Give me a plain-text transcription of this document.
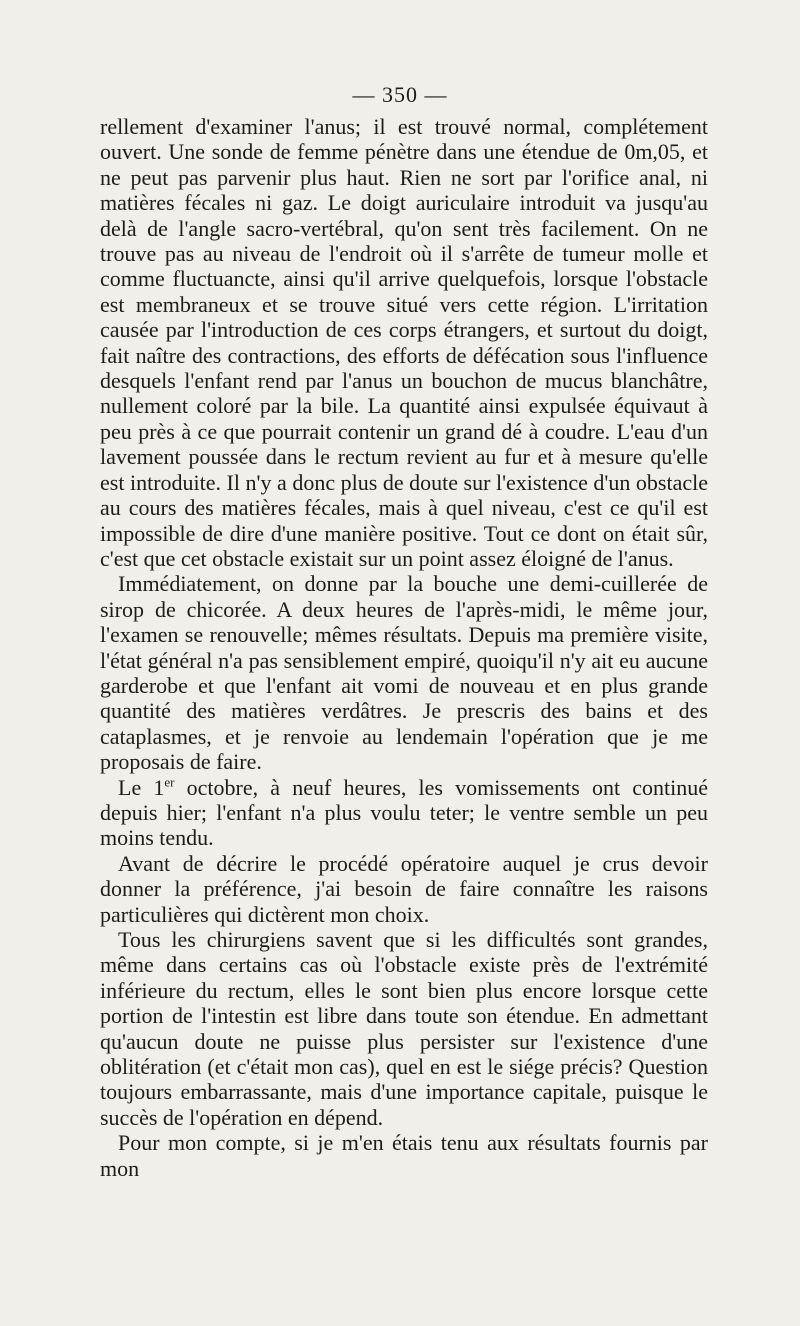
— 350 —

rellement d'examiner l'anus; il est trouvé normal, complétement ouvert. Une sonde de femme pénètre dans une étendue de 0m,05, et ne peut pas parvenir plus haut. Rien ne sort par l'orifice anal, ni matières fécales ni gaz. Le doigt auriculaire introduit va jusqu'au delà de l'angle sacro-vertébral, qu'on sent très facilement. On ne trouve pas au niveau de l'endroit où il s'arrête de tumeur molle et comme fluctuancte, ainsi qu'il arrive quelquefois, lorsque l'obstacle est membraneux et se trouve situé vers cette région. L'irritation causée par l'introduction de ces corps étrangers, et surtout du doigt, fait naître des contractions, des efforts de défécation sous l'influence desquels l'enfant rend par l'anus un bouchon de mucus blanchâtre, nullement coloré par la bile. La quantité ainsi expulsée équivaut à peu près à ce que pourrait contenir un grand dé à coudre. L'eau d'un lavement poussée dans le rectum revient au fur et à mesure qu'elle est introduite. Il n'y a donc plus de doute sur l'existence d'un obstacle au cours des matières fécales, mais à quel niveau, c'est ce qu'il est impossible de dire d'une manière positive. Tout ce dont on était sûr, c'est que cet obstacle existait sur un point assez éloigné de l'anus.

Immédiatement, on donne par la bouche une demi-cuillerée de sirop de chicorée. A deux heures de l'après-midi, le même jour, l'examen se renouvelle; mêmes résultats. Depuis ma première visite, l'état général n'a pas sensiblement empiré, quoiqu'il n'y ait eu aucune garderobe et que l'enfant ait vomi de nouveau et en plus grande quantité des matières verdâtres. Je prescris des bains et des cataplasmes, et je renvoie au lendemain l'opération que je me proposais de faire.

Le 1er octobre, à neuf heures, les vomissements ont continué depuis hier; l'enfant n'a plus voulu teter; le ventre semble un peu moins tendu.

Avant de décrire le procédé opératoire auquel je crus devoir donner la préférence, j'ai besoin de faire connaître les raisons particulières qui dictèrent mon choix.

Tous les chirurgiens savent que si les difficultés sont grandes, même dans certains cas où l'obstacle existe près de l'extrémité inférieure du rectum, elles le sont bien plus encore lorsque cette portion de l'intestin est libre dans toute son étendue. En admettant qu'aucun doute ne puisse plus persister sur l'existence d'une oblitération (et c'était mon cas), quel en est le siége précis? Question toujours embarrassante, mais d'une importance capitale, puisque le succès de l'opération en dépend.

Pour mon compte, si je m'en étais tenu aux résultats fournis par mon
